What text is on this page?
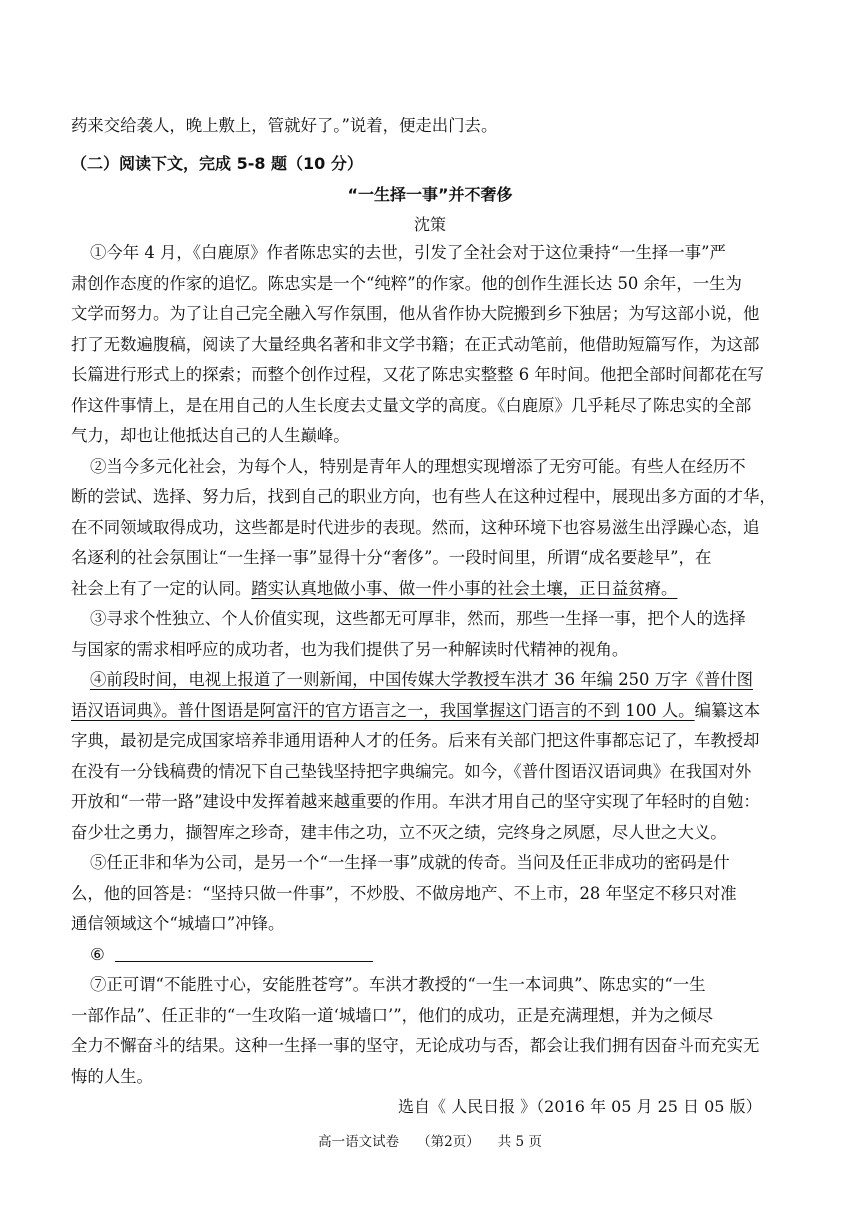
药来交给袭人，晚上敷上，管就好了。”说着，便走出门去。
（二）阅读下文，完成 5-8 题（10 分）
“一生择一事”并不奢侈
沈策
①今年 4 月，《白鹿原》作者陈忠实的去世，引发了全社会对于这位秉持“一生择一事”严
肃创作态度的作家的追忆。陈忠实是一个“纯粹”的作家。他的创作生涯长达 50 余年，一生为
文学而努力。为了让自己完全融入写作氛围，他从省作协大院搬到乡下独居；为写这部小说，他
打了无数遍腹稿，阅读了大量经典名著和非文学书籍；在正式动笔前，他借助短篇写作，为这部
长篇进行形式上的探索；而整个创作过程，又花了陈忠实整整 6 年时间。他把全部时间都花在写
作这件事情上，是在用自己的人生长度去丈量文学的高度。《白鹿原》几乎耗尽了陈忠实的全部
气力，却也让他抵达自己的人生巅峰。
②当今多元化社会，为每个人，特别是青年人的理想实现增添了无穷可能。有些人在经历不
断的尝试、选择、努力后，找到自己的职业方向，也有些人在这种过程中，展现出多方面的才华，
在不同领域取得成功，这些都是时代进步的表现。然而，这种环境下也容易滋生出浮躁心态，追
名逐利的社会氛围让“一生择一事”显得十分“奢侈”。一段时间里，所谓“成名要趁早”，在
社会上有了一定的认同。踏实认真地做小事、做一件小事的社会土壤，正日益贫瘠。
③寻求个性独立、个人价值实现，这些都无可厚非，然而，那些一生择一事，把个人的选择
与国家的需求相呼应的成功者，也为我们提供了另一种解读时代精神的视角。
④前段时间，电视上报道了一则新闻，中国传媒大学教授车洪才 36 年编 250 万字《普什图
语汉语词典》。普什图语是阿富汗的官方语言之一，我国掌握这门语言的不到 100 人。编纂这本
字典，最初是完成国家培养非通用语种人才的任务。后来有关部门把这件事都忘记了，车教授却
在没有一分钱稿费的情况下自己垫钱坚持把字典编完。如今，《普什图语汉语词典》在我国对外
开放和“一带一路”建设中发挥着越来越重要的作用。车洪才用自己的坚守实现了年轻时的自勉：
奋少壮之勇力，撷智库之珍奇，建丰伟之功，立不灭之绩，完终身之夙愿，尽人世之大义。
⑤任正非和华为公司，是另一个“一生择一事”成就的传奇。当问及任正非成功的密码是什
么，他的回答是：“坚持只做一件事”，不炒股、不做房地产、不上市，28 年坚定不移只对准
通信领域这个“城墙口”冲锋。
⑥
⑦正可谓“不能胜寸心，安能胜苍穹”。车洪才教授的“一生一本词典”、陈忠实的“一生
一部作品”、任正非的“一生攻陷一道‘城墙口’”，他们的成功，正是充满理想，并为之倾尽
全力不懈奋斗的结果。这种一生择一事的坚守，无论成功与否，都会让我们拥有因奋斗而充实无
悔的人生。
选自《 人民日报 》（2016 年 05 月 25 日 05 版）
高一语文试卷 （第2页） 共 5 页
